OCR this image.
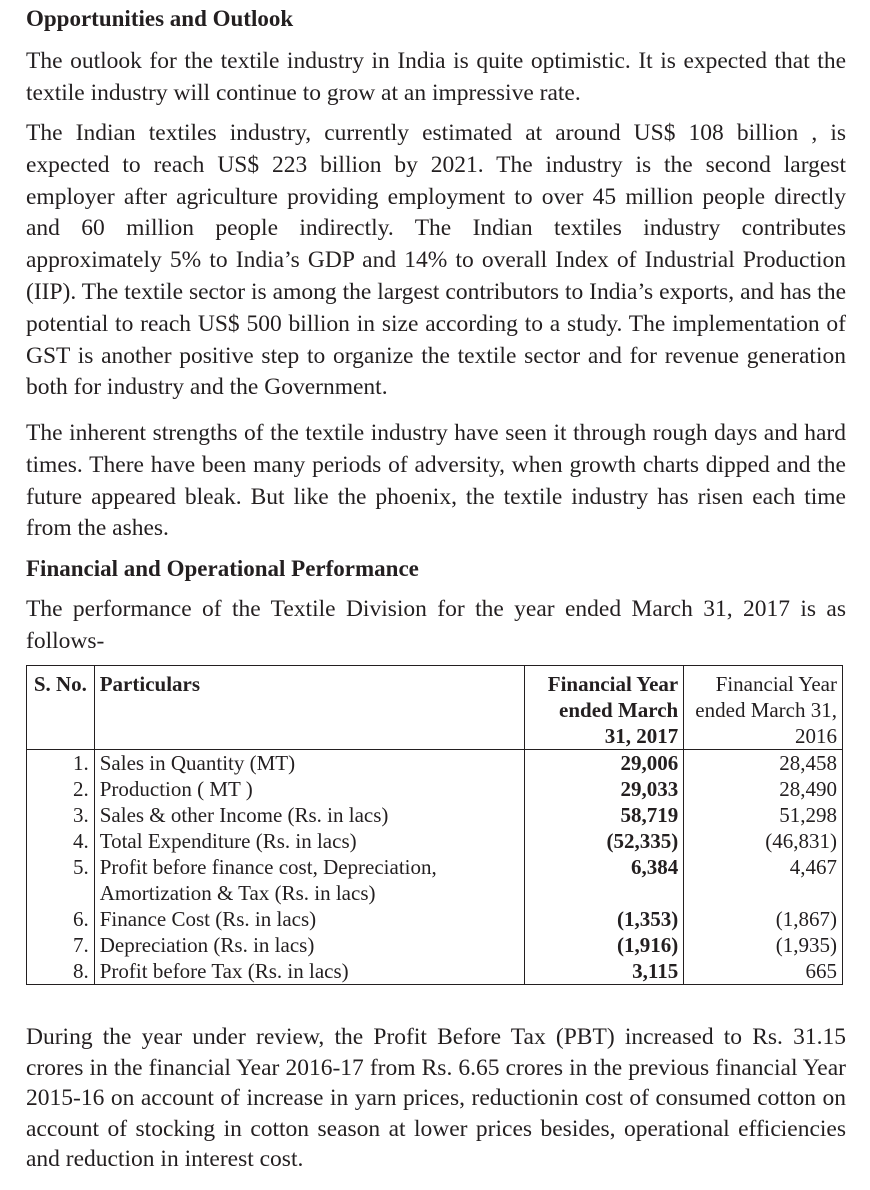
Opportunities and Outlook

The outlook for the textile industry in India is quite optimistic. It is expected that the textile industry will continue to grow at an impressive rate.

The Indian textiles industry, currently estimated at around US$ 108 billion , is expected to reach US$ 223 billion by 2021. The industry is the second largest employer after agriculture providing employment to over 45 million people directly and 60 million people indirectly. The Indian textiles industry contributes approximately 5% to India’s GDP and 14% to overall Index of Industrial Production (IIP). The textile sector is among the largest contributors to India’s exports, and has the potential to reach US$ 500 billion in size according to a study. The implementation of GST is another positive step to organize the textile sector and for revenue generation both for industry and the Government.

The inherent strengths of the textile industry have seen it through rough days and hard times. There have been many periods of adversity, when growth charts dipped and the future appeared bleak. But like the phoenix, the textile industry has risen each time from the ashes.

Financial and Operational Performance

The performance of the Textile Division for the year ended March 31, 2017 is as follows-

S. No.	Particulars	Financial Year ended March 31, 2017	Financial Year ended March 31, 2016
1.	Sales in Quantity (MT)	29,006	28,458
2.	Production ( MT )	29,033	28,490
3.	Sales & other Income (Rs. in lacs)	58,719	51,298
4.	Total Expenditure (Rs. in lacs)	(52,335)	(46,831)
5.	Profit before finance cost, Depreciation, Amortization & Tax (Rs. in lacs)	6,384	4,467
6.	Finance Cost (Rs. in lacs)	(1,353)	(1,867)
7.	Depreciation (Rs. in lacs)	(1,916)	(1,935)
8.	Profit before Tax (Rs. in lacs)	3,115	665

During the year under review, the Profit Before Tax (PBT) increased to Rs. 31.15 crores in the financial Year 2016-17 from Rs. 6.65 crores in the previous financial Year 2015-16 on account of increase in yarn prices, reductionin cost of consumed cotton on account of stocking in cotton season at lower prices besides, operational efficiencies and reduction in interest cost.
